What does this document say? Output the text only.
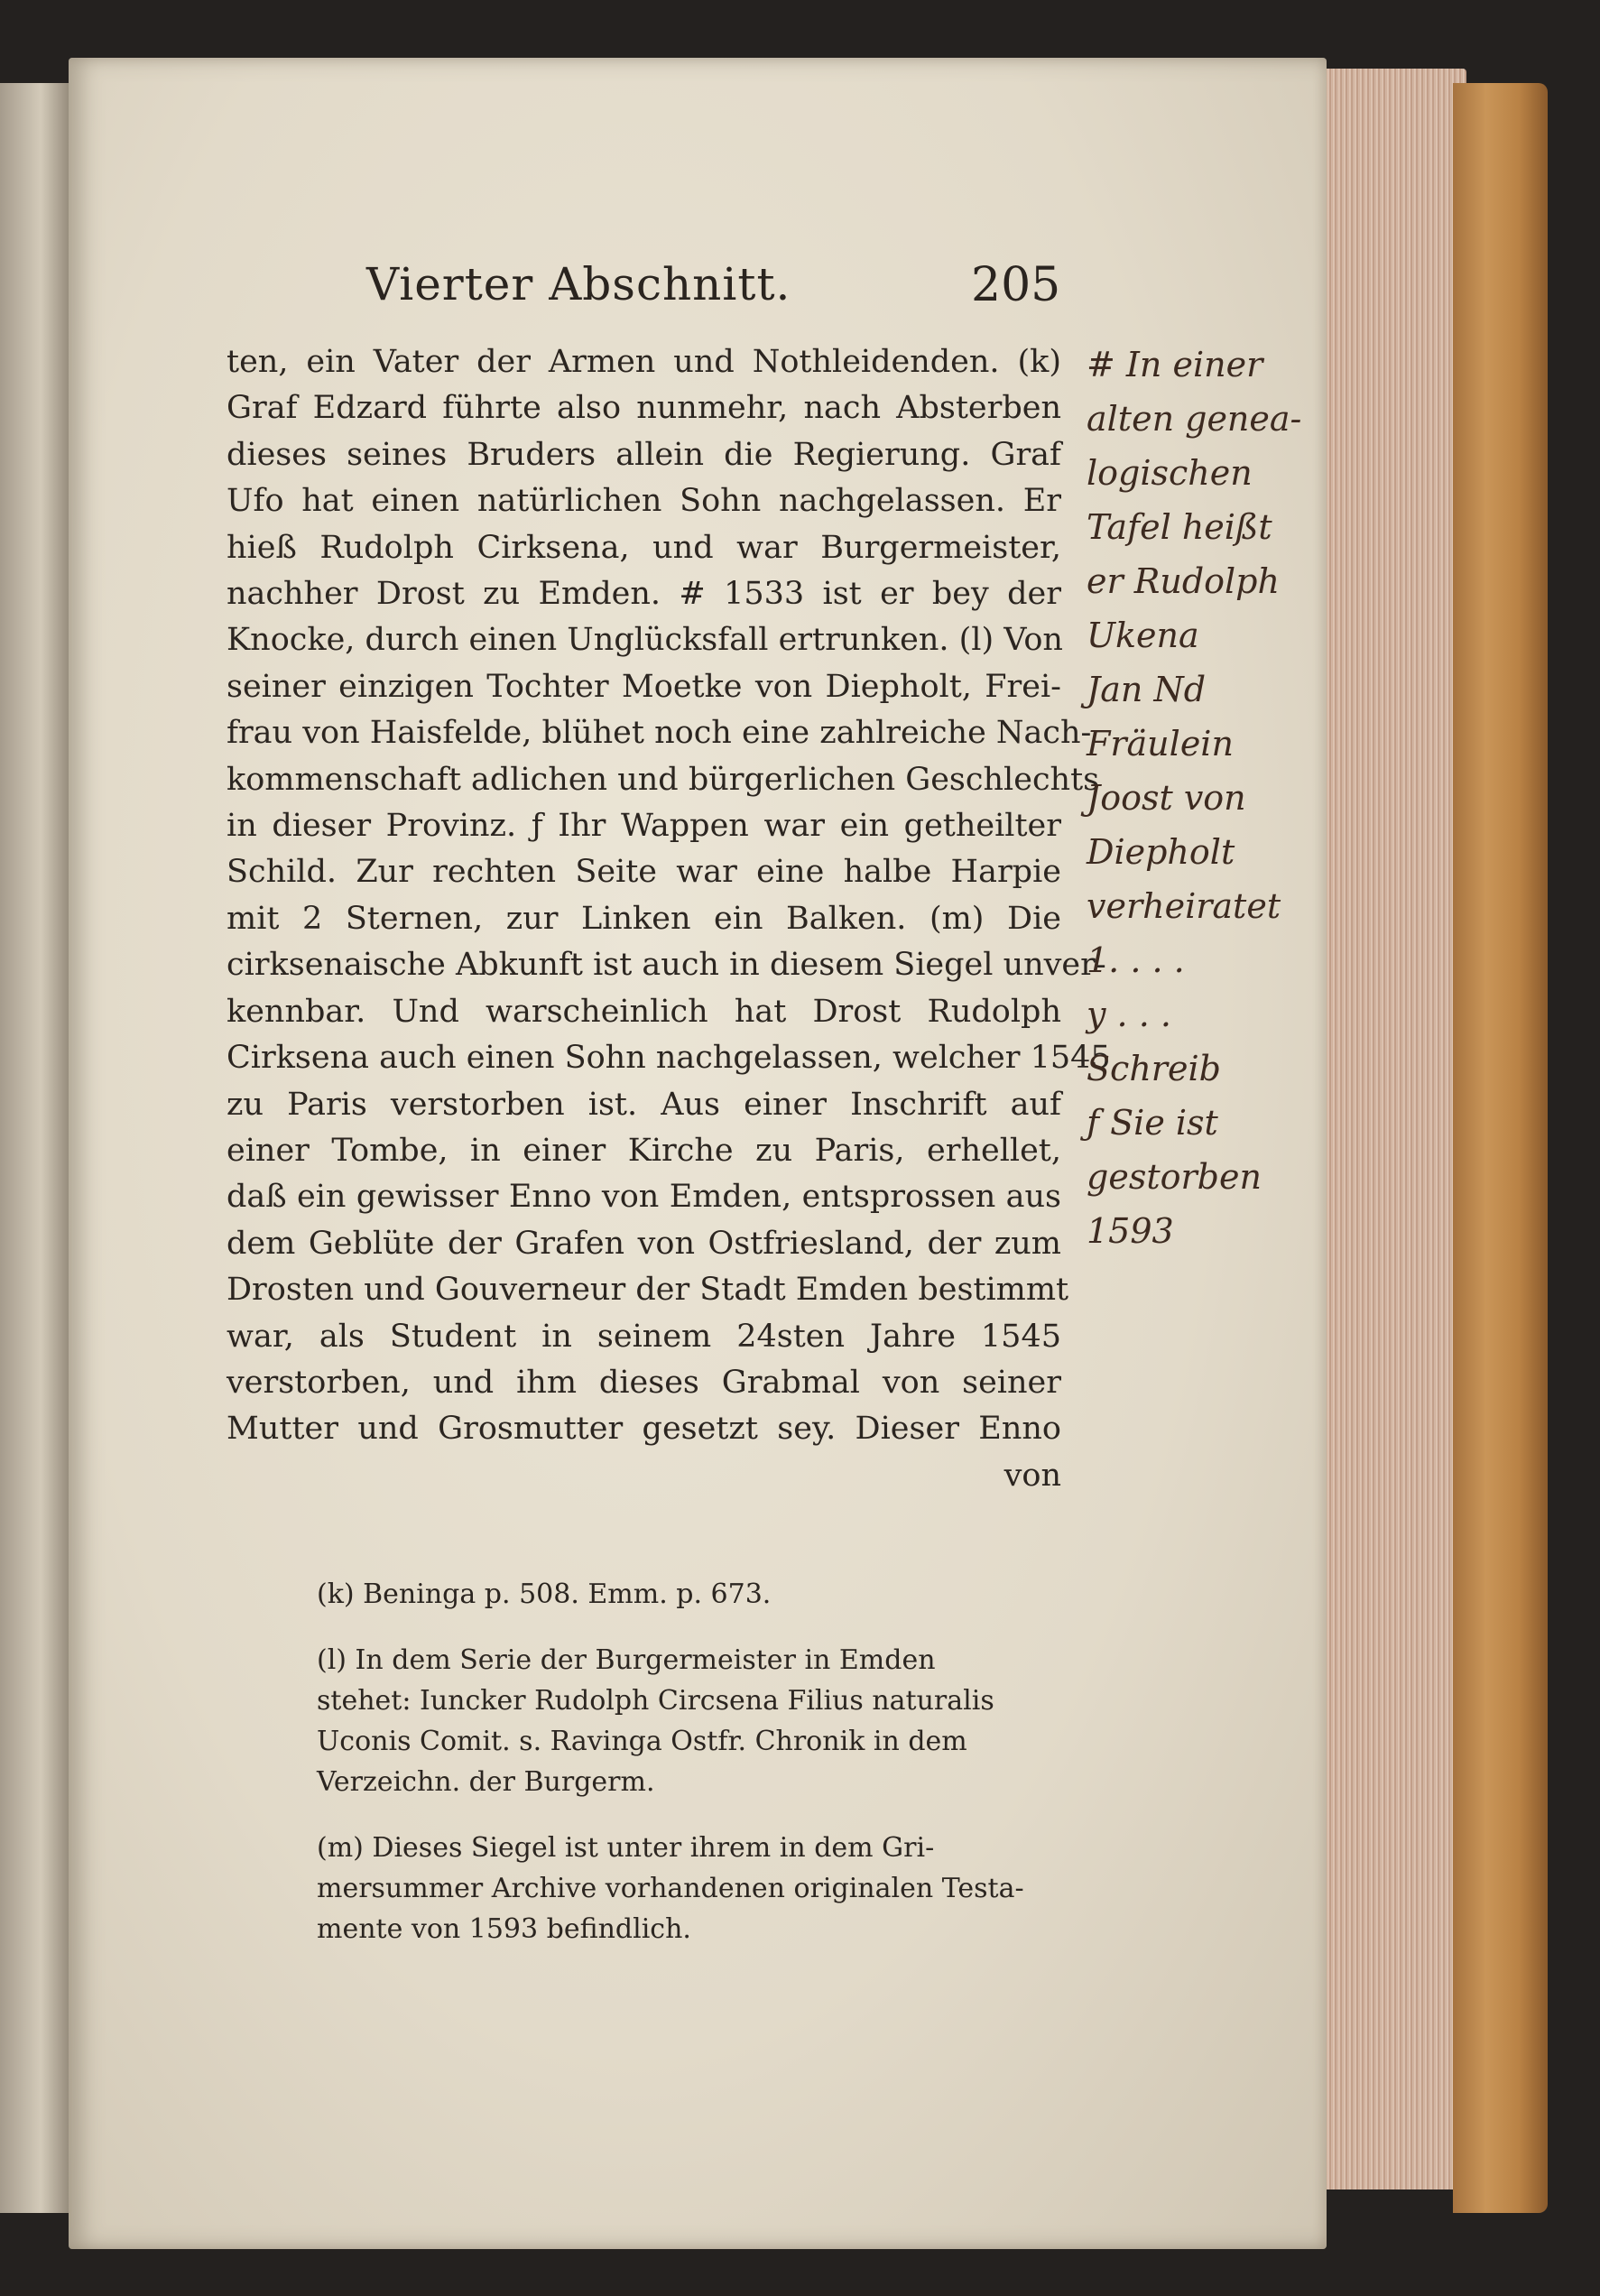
Vierter Abschnitt.	205
ten, ein Vater der Armen und Nothleidenden. (k)
Graf Edzard führte also nunmehr, nach Absterben
dieses seines Bruders allein die Regierung. Graf
Ufo hat einen natürlichen Sohn nachgelassen. Er
hieß Rudolph Cirksena, und war Burgermeister,
nachher Drost zu Emden. # 1533 ist er bey der
Knocke, durch einen Unglücksfall ertrunken. (l) Von
seiner einzigen Tochter Moetke von Diepholt, Frei-
frau von Haisfelde, blühet noch eine zahlreiche Nach-
kommenschaft adlichen und bürgerlichen Geschlechts
in dieser Provinz. ƒ Ihr Wappen war ein getheilter
Schild. Zur rechten Seite war eine halbe Harpie
mit 2 Sternen, zur Linken ein Balken. (m) Die
cirksenaische Abkunft ist auch in diesem Siegel unver-
kennbar. Und warscheinlich hat Drost Rudolph
Cirksena auch einen Sohn nachgelassen, welcher 1545
zu Paris verstorben ist. Aus einer Inschrift auf
einer Tombe, in einer Kirche zu Paris, erhellet,
daß ein gewisser Enno von Emden, entsprossen aus
dem Geblüte der Grafen von Ostfriesland, der zum
Drosten und Gouverneur der Stadt Emden bestimmt
war, als Student in seinem 24sten Jahre 1545
verstorben, und ihm dieses Grabmal von seiner
Mutter und Grosmutter gesetzt sey. Dieser Enno
von
(k) Beninga p. 508. Emm. p. 673.
(l) In dem Serie der Burgermeister in Emden
stehet: Iuncker Rudolph Circsena Filius naturalis
Uconis Comit. s. Ravinga Ostfr. Chronik in dem
Verzeichn. der Burgerm.
(m) Dieses Siegel ist unter ihrem in dem Gri-
mersummer Archive vorhandenen originalen Testa-
mente von 1593 befindlich.
# In einer
alten genea-
logischen
Tafel heißt
er Rudolph
Ukena
Jan Nd
Fräulein
Joost von
Diepholt
verheiratet
1. . . .
y . . .
Schreib
ƒ Sie ist
gestorben
1593
